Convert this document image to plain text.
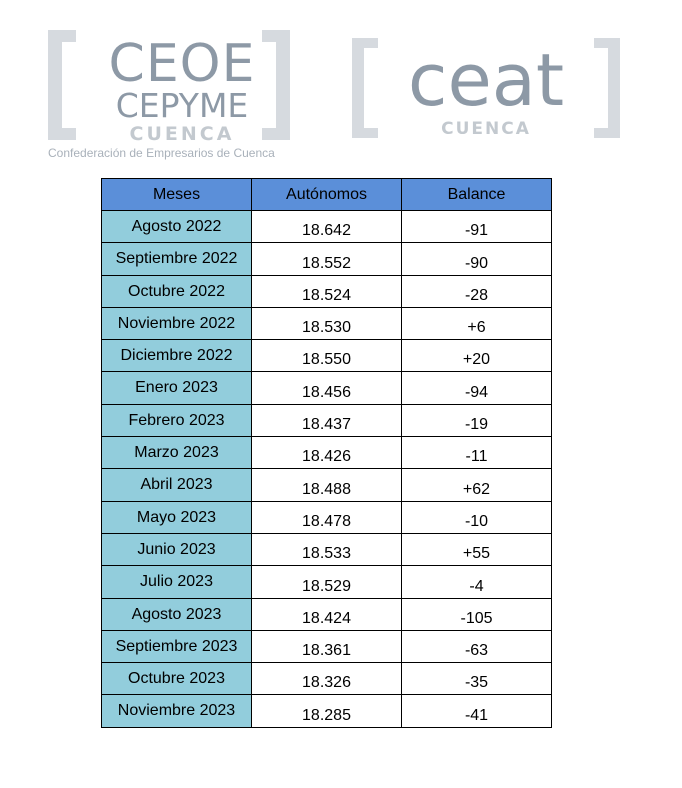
CEOE
CEPYME
CUENCA
Confederación de Empresarios de Cuenca
ceat
CUENCA
Meses	Autónomos	Balance
Agosto 2022	18.642	-91
Septiembre 2022	18.552	-90
Octubre 2022	18.524	-28
Noviembre 2022	18.530	+6
Diciembre 2022	18.550	+20
Enero 2023	18.456	-94
Febrero 2023	18.437	-19
Marzo 2023	18.426	-11
Abril 2023	18.488	+62
Mayo 2023	18.478	-10
Junio 2023	18.533	+55
Julio 2023	18.529	-4
Agosto 2023	18.424	-105
Septiembre 2023	18.361	-63
Octubre 2023	18.326	-35
Noviembre 2023	18.285	-41
